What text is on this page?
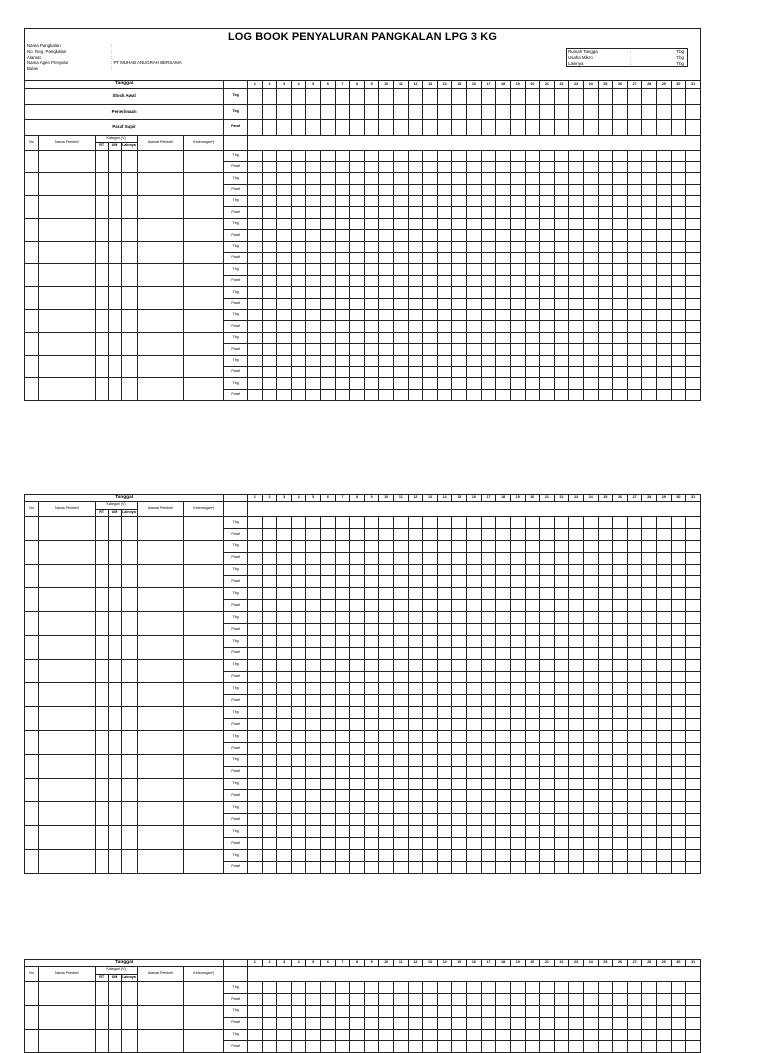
LOG BOOK PENYALURAN PANGKALAN LPG 3 KG
Nama Pangkalan	:
No. Reg. Pangkalan	:
Alamat	:
Nama Agen Penyalur	: PT MUHAB ANUGRAH BERSAMA
Bulan	:
Rumah Tangga	:	Tbg
Usaha Mikro	:	Tbg
Lainnya	:	Tbg
Tanggal								1	2	3	4	5	6	7	8	9	10	11	12	13	14	15	16	17	18	19	20	21	22	23	24	25	26	27	28	29	30	31
Stock Awal							Tbg																															
Penerimaan							Tbg																															
Paraf Supir							Paraf																															
No	Nama Pembeli	Kategori (V)			Alamat Pembeli	Keterangan*)																																
		RT	UM	Lainnya																																		
							Tbg																															
							Paraf																															
							Tbg																															
							Paraf																															
							Tbg																															
							Paraf																															
							Tbg																															
							Paraf																															
							Tbg																															
							Paraf																															
							Tbg																															
							Paraf																															
							Tbg																															
							Paraf																															
							Tbg																															
							Paraf																															
							Tbg																															
							Paraf																															
							Tbg																															
							Paraf																															
							Tbg																															
							Paraf																															
Tanggal								1	2	3	4	5	6	7	8	9	10	11	12	13	14	15	16	17	18	19	20	21	22	23	24	25	26	27	28	29	30	31
No	Nama Pembeli	Kategori (V)			Alamat Pembeli	Keterangan*)																																
		RT	UM	Lainnya																																		
							Tbg																															
							Paraf																															
							Tbg																															
							Paraf																															
							Tbg																															
							Paraf																															
							Tbg																															
							Paraf																															
							Tbg																															
							Paraf																															
							Tbg																															
							Paraf																															
							Tbg																															
							Paraf																															
							Tbg																															
							Paraf																															
							Tbg																															
							Paraf																															
							Tbg																															
							Paraf																															
							Tbg																															
							Paraf																															
							Tbg																															
							Paraf																															
							Tbg																															
							Paraf																															
							Tbg																															
							Paraf																															
							Tbg																															
							Paraf																															
Tanggal								1	2	3	4	5	6	7	8	9	10	11	12	13	14	15	16	17	18	19	20	21	22	23	24	25	26	27	28	29	30	31
No	Nama Pembeli	Kategori (V)			Alamat Pembeli	Keterangan*)																																
		RT	UM	Lainnya																																		
							Tbg																															
							Paraf																															
							Tbg																															
							Paraf																															
							Tbg																															
							Paraf																															
